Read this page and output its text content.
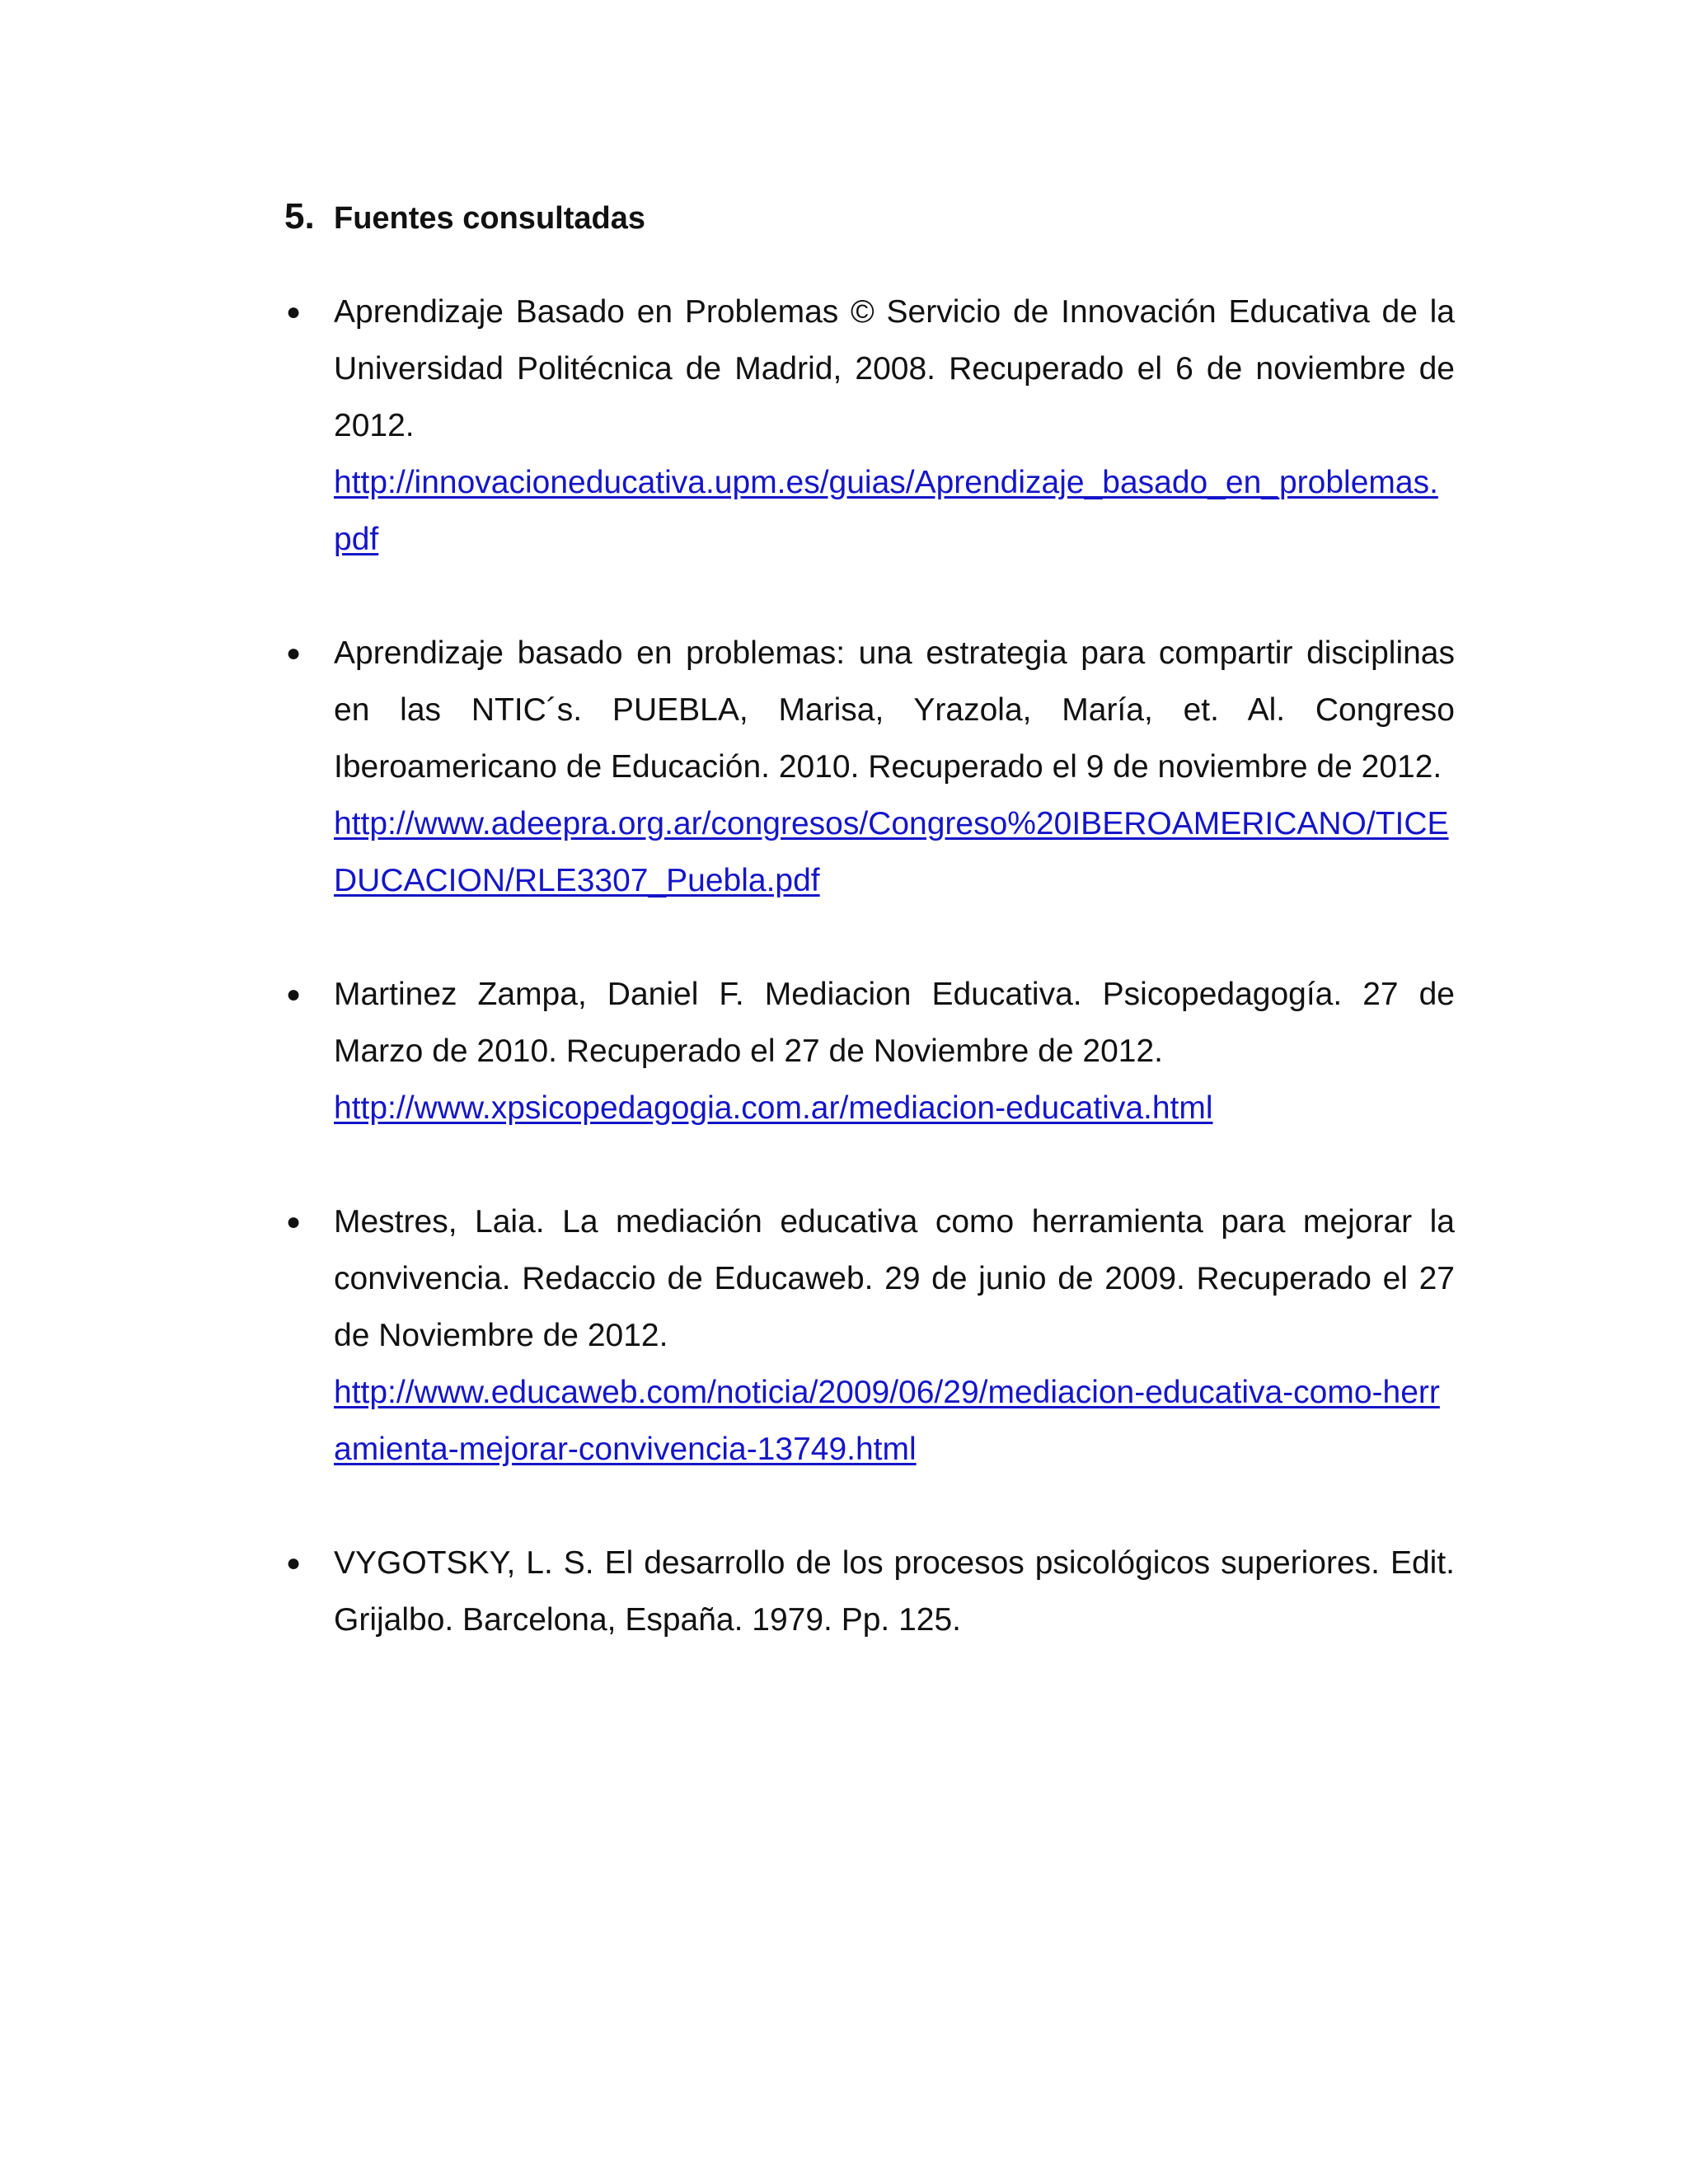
5. Fuentes consultadas
● Aprendizaje Basado en Problemas © Servicio de Innovación Educativa de la Universidad Politécnica de Madrid, 2008. Recuperado el 6 de noviembre de 2012.
http://innovacioneducativa.upm.es/guias/Aprendizaje_basado_en_problemas.pdf
● Aprendizaje basado en problemas: una estrategia para compartir disciplinas en las NTIC´s. PUEBLA, Marisa, Yrazola, María, et. Al. Congreso Iberoamericano de Educación. 2010. Recuperado el 9 de noviembre de 2012.
http://www.adeepra.org.ar/congresos/Congreso%20IBEROAMERICANO/TICEDUCACION/RLE3307_Puebla.pdf
● Martinez Zampa, Daniel F. Mediacion Educativa. Psicopedagogía. 27 de Marzo de 2010. Recuperado el 27 de Noviembre de 2012.
http://www.xpsicopedagogia.com.ar/mediacion-educativa.html
● Mestres, Laia. La mediación educativa como herramienta para mejorar la convivencia. Redaccio de Educaweb. 29 de junio de 2009. Recuperado el 27 de Noviembre de 2012.
http://www.educaweb.com/noticia/2009/06/29/mediacion-educativa-como-herramienta-mejorar-convivencia-13749.html
● VYGOTSKY, L. S. El desarrollo de los procesos psicológicos superiores. Edit. Grijalbo. Barcelona, España. 1979. Pp. 125.
